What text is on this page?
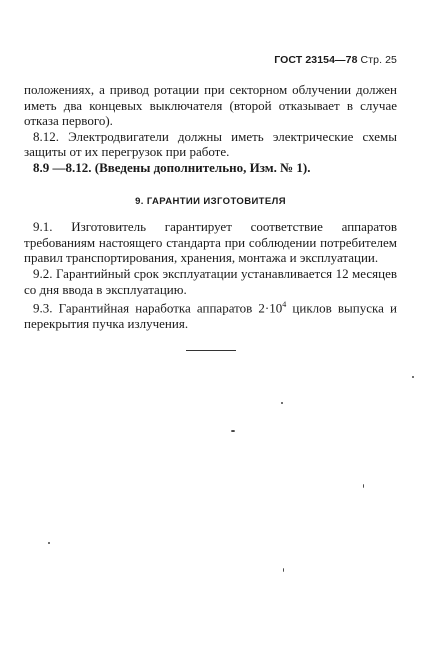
ГОСТ 23154—78 Стр. 25

положениях, а привод ротации при секторном облучении должен иметь два концевых выключателя (второй отказывает в случае отказа первого).

8.12. Электродвигатели должны иметь электрические схемы защиты от их перегрузок при работе.

8.9 —8.12. (Введены дополнительно, Изм. № 1).

9. ГАРАНТИИ ИЗГОТОВИТЕЛЯ

9.1. Изготовитель гарантирует соответствие аппаратов требованиям настоящего стандарта при соблюдении потребителем правил транспортирования, хранения, монтажа и эксплуатации.

9.2. Гарантийный срок эксплуатации устанавливается 12 месяцев со дня ввода в эксплуатацию.

9.3. Гарантийная наработка аппаратов $2\cdot 10^4$ циклов выпуска и перекрытия пучка излучения.
